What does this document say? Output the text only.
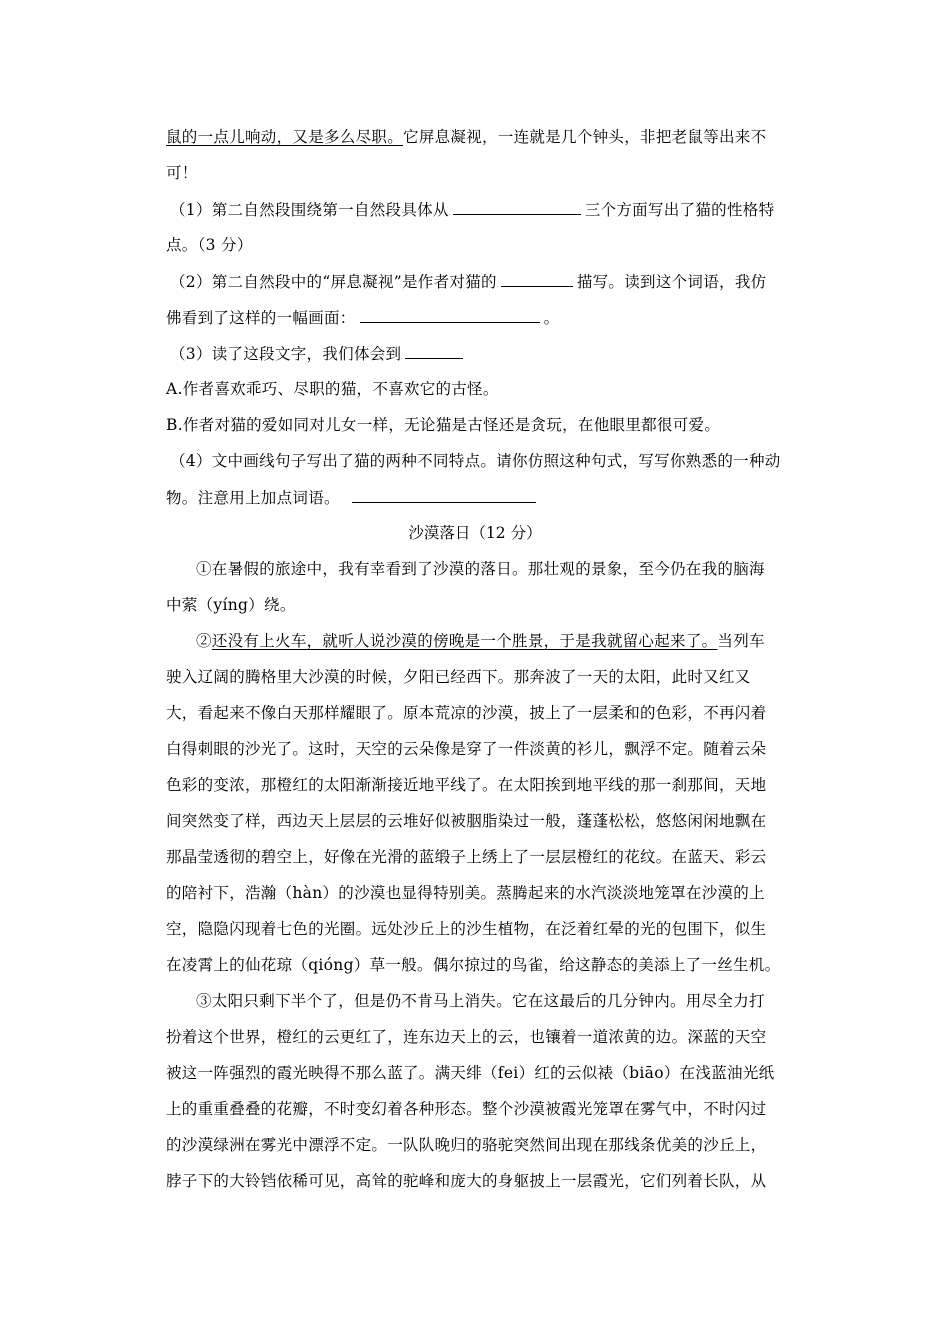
鼠的一点儿响动，又是多么尽职。它屏息凝视，一连就是几个钟头，非把老鼠等出来不
可！
（1）第二自然段围绕第一自然段具体从	三个方面写出了猫的性格特
点。（3 分）
（2）第二自然段中的“屏息凝视”是作者对猫的	描写。读到这个词语，我仿
佛看到了这样的一幅画面：	。
（3）读了这段文字，我们体会到
A.作者喜欢乖巧、尽职的猫，不喜欢它的古怪。
B.作者对猫的爱如同对儿女一样，无论猫是古怪还是贪玩，在他眼里都很可爱。
（4）文中画线句子写出了猫的两种不同特点。请你仿照这种句式，写写你熟悉的一种动
物。注意用上加点词语。
沙漠落日（12 分）
①在暑假的旅途中，我有幸看到了沙漠的落日。那壮观的景象，至今仍在我的脑海
中萦（yíng）绕。
②还没有上火车，就听人说沙漠的傍晚是一个胜景，于是我就留心起来了。当列车
驶入辽阔的腾格里大沙漠的时候，夕阳已经西下。那奔波了一天的太阳，此时又红又
大，看起来不像白天那样耀眼了。原本荒凉的沙漠，披上了一层柔和的色彩，不再闪着
白得刺眼的沙光了。这时，天空的云朵像是穿了一件淡黄的衫儿，飘浮不定。随着云朵
色彩的变浓，那橙红的太阳渐渐接近地平线了。在太阳挨到地平线的那一刹那间，天地
间突然变了样，西边天上层层的云堆好似被胭脂染过一般，蓬蓬松松，悠悠闲闲地飘在
那晶莹透彻的碧空上，好像在光滑的蓝缎子上绣上了一层层橙红的花纹。在蓝天、彩云
的陪衬下，浩瀚（hàn）的沙漠也显得特别美。蒸腾起来的水汽淡淡地笼罩在沙漠的上
空，隐隐闪现着七色的光圈。远处沙丘上的沙生植物，在泛着红晕的光的包围下，似生
在凌霄上的仙花琼（qióng）草一般。偶尔掠过的鸟雀，给这静态的美添上了一丝生机。
③太阳只剩下半个了，但是仍不肯马上消失。它在这最后的几分钟内。用尽全力打
扮着这个世界，橙红的云更红了，连东边天上的云，也镶着一道浓黄的边。深蓝的天空
被这一阵强烈的霞光映得不那么蓝了。满天绯（fei）红的云似裱（biāo）在浅蓝油光纸
上的重重叠叠的花瓣，不时变幻着各种形态。整个沙漠被霞光笼罩在雾气中，不时闪过
的沙漠绿洲在雾光中漂浮不定。一队队晚归的骆驼突然间出现在那线条优美的沙丘上，
脖子下的大铃铛依稀可见，高耸的驼峰和庞大的身躯披上一层霞光，它们列着长队，从
